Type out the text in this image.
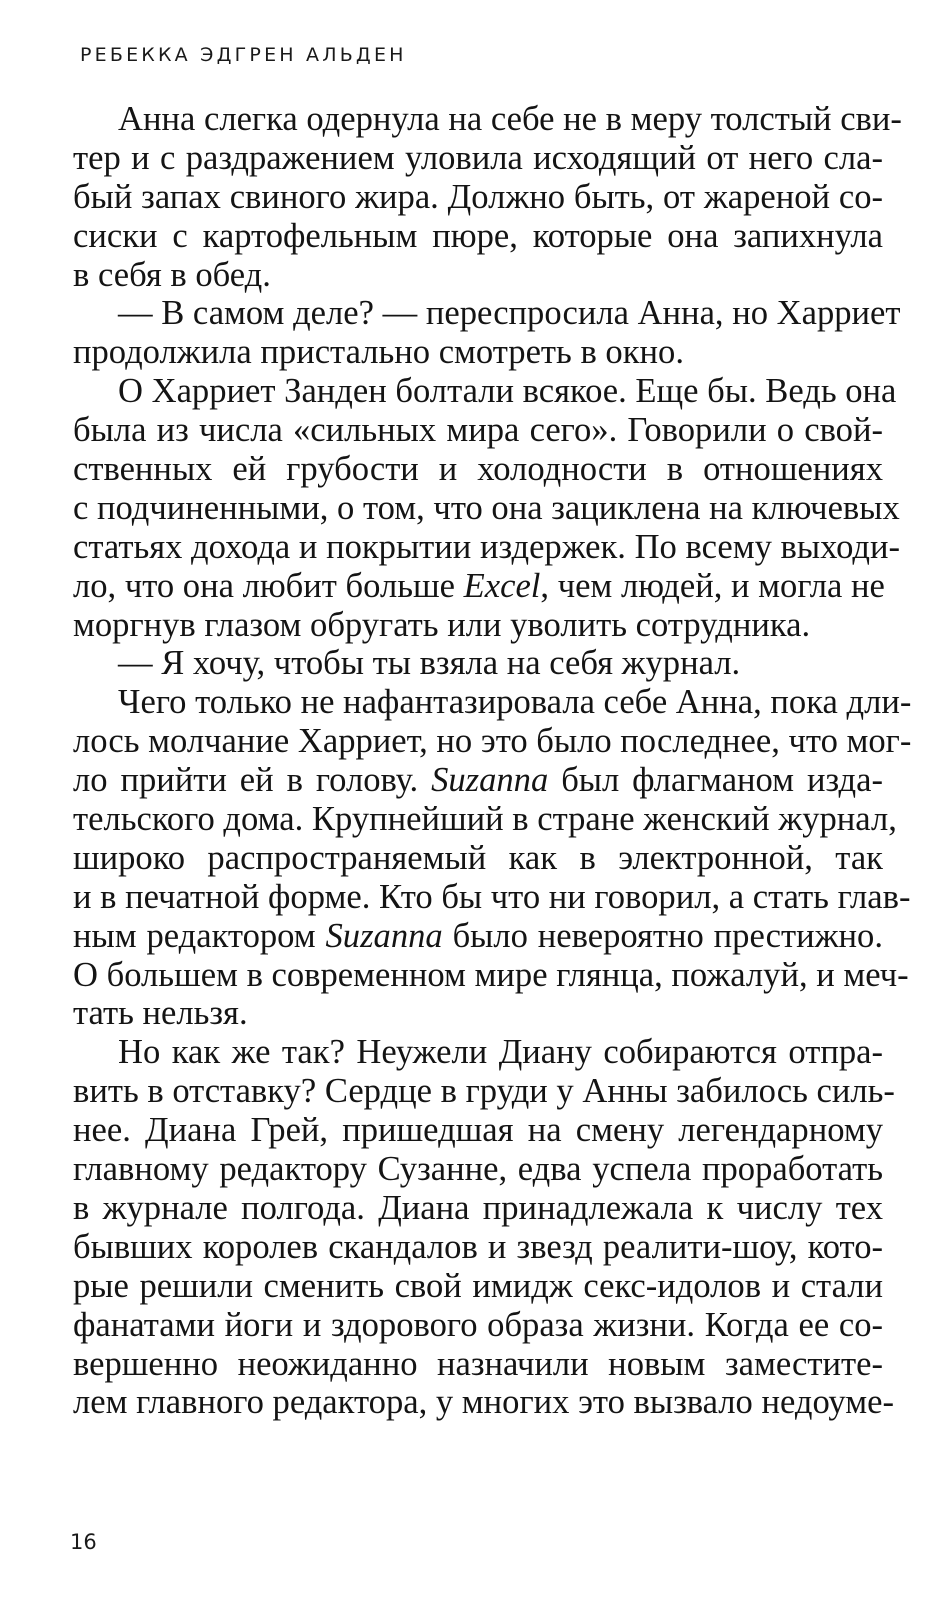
РЕБЕККА ЭДГРЕН АЛЬДЕН
Анна слегка одернула на себе не в меру толстый сви-
тер и с раздражением уловила исходящий от него сла-
бый запах свиного жира. Должно быть, от жареной со-
сиски с картофельным пюре, которые она запихнула
в себя в обед.
— В самом деле? — переспросила Анна, но Харриет
продолжила пристально смотреть в окно.
О Харриет Занден болтали всякое. Еще бы. Ведь она
была из числа «сильных мира сего». Говорили о свой-
ственных ей грубости и холодности в отношениях
с подчиненными, о том, что она зациклена на ключевых
статьях дохода и покрытии издержек. По всему выходи-
ло, что она любит больше Excel, чем людей, и могла не
моргнув глазом обругать или уволить сотрудника.
— Я хочу, чтобы ты взяла на себя журнал.
Чего только не нафантазировала себе Анна, пока дли-
лось молчание Харриет, но это было последнее, что мог-
ло прийти ей в голову. Suzanna был флагманом изда-
тельского дома. Крупнейший в стране женский журнал,
широко распространяемый как в электронной, так
и в печатной форме. Кто бы что ни говорил, а стать глав-
ным редактором Suzanna было невероятно престижно.
О большем в современном мире глянца, пожалуй, и меч-
тать нельзя.
Но как же так? Неужели Диану собираются отпра-
вить в отставку? Сердце в груди у Анны забилось силь-
нее. Диана Грей, пришедшая на смену легендарному
главному редактору Сузанне, едва успела проработать
в журнале полгода. Диана принадлежала к числу тех
бывших королев скандалов и звезд реалити-шоу, кото-
рые решили сменить свой имидж секс-идолов и стали
фанатами йоги и здорового образа жизни. Когда ее со-
вершенно неожиданно назначили новым заместите-
лем главного редактора, у многих это вызвало недоуме-
16
